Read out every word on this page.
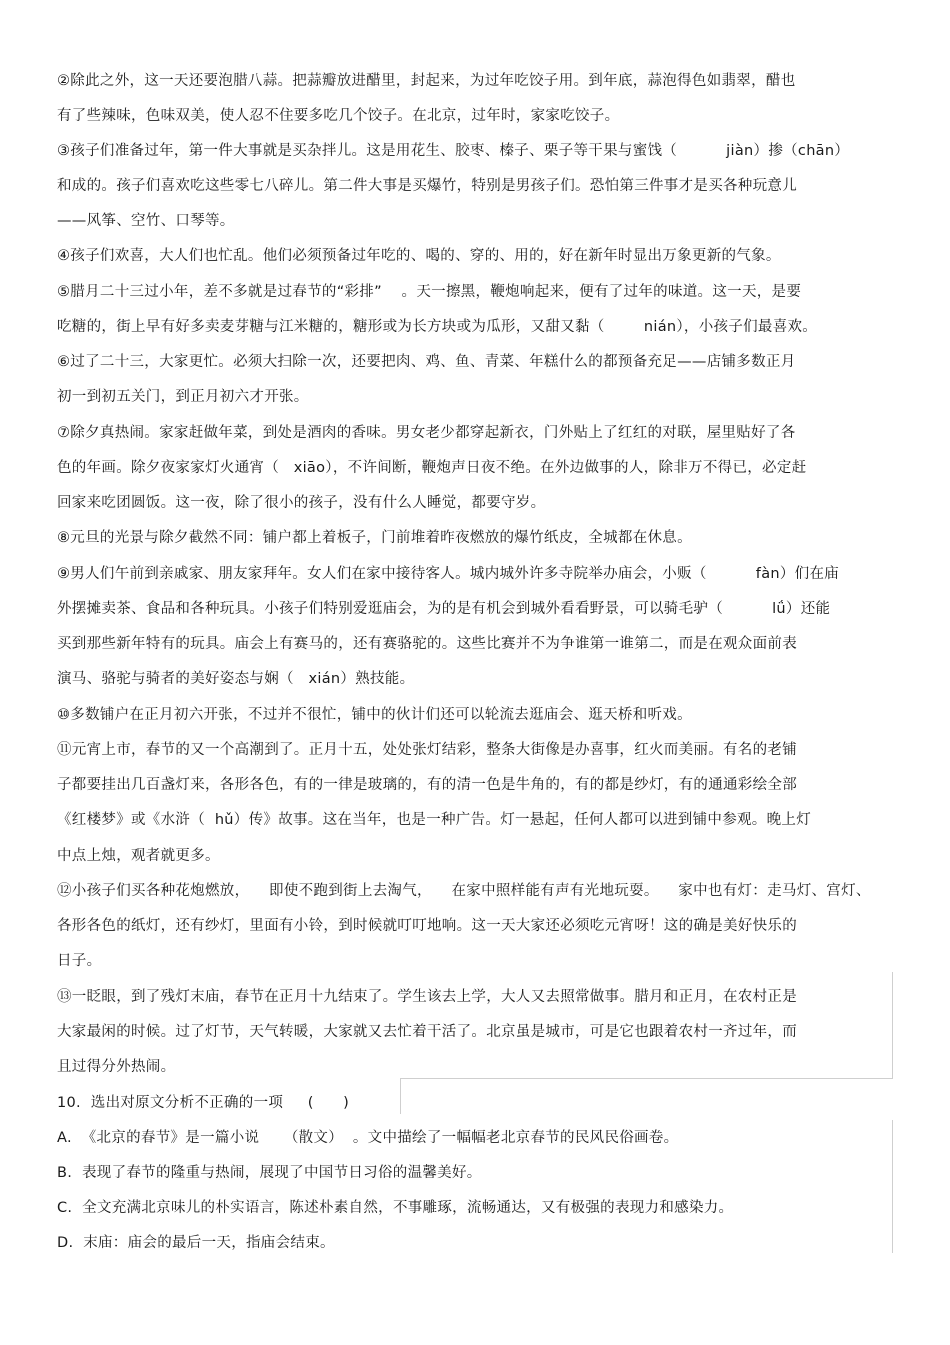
②除此之外，这一天还要泡腊八蒜。把蒜瓣放进醋里，封起来，为过年吃饺子用。到年底，蒜泡得色如翡翠，醋也
有了些辣味，色味双美，使人忍不住要多吃几个饺子。在北京，过年时，家家吃饺子。
③孩子们准备过年，第一件大事就是买杂拌儿。这是用花生、胶枣、榛子、栗子等干果与蜜饯（          jiàn）掺（chān）
和成的。孩子们喜欢吃这些零七八碎儿。第二件大事是买爆竹，特别是男孩子们。恐怕第三件事才是买各种玩意儿
——风筝、空竹、口琴等。
④孩子们欢喜，大人们也忙乱。他们必须预备过年吃的、喝的、穿的、用的，好在新年时显出万象更新的气象。
⑤腊月二十三过小年，差不多就是过春节的“彩排”    。天一擦黑，鞭炮响起来，便有了过年的味道。这一天，是要
吃糖的，街上早有好多卖麦芽糖与江米糖的，糖形或为长方块或为瓜形，又甜又黏（        nián），小孩子们最喜欢。
⑥过了二十三，大家更忙。必须大扫除一次，还要把肉、鸡、鱼、青菜、年糕什么的都预备充足——店铺多数正月
初一到初五关门，到正月初六才开张。
⑦除夕真热闹。家家赶做年菜，到处是酒肉的香味。男女老少都穿起新衣，门外贴上了红红的对联，屋里贴好了各
色的年画。除夕夜家家灯火通宵（   xiāo），不许间断，鞭炮声日夜不绝。在外边做事的人，除非万不得已，必定赶
回家来吃团圆饭。这一夜，除了很小的孩子，没有什么人睡觉，都要守岁。
⑧元旦的光景与除夕截然不同：铺户都上着板子，门前堆着昨夜燃放的爆竹纸皮，全城都在休息。
⑨男人们午前到亲戚家、朋友家拜年。女人们在家中接待客人。城内城外许多寺院举办庙会，小贩（          fàn）们在庙
外摆摊卖茶、食品和各种玩具。小孩子们特别爱逛庙会，为的是有机会到城外看看野景，可以骑毛驴（          lǘ）还能
买到那些新年特有的玩具。庙会上有赛马的，还有赛骆驼的。这些比赛并不为争谁第一谁第二，而是在观众面前表
演马、骆驼与骑者的美好姿态与娴（   xián）熟技能。
⑩多数铺户在正月初六开张，不过并不很忙，铺中的伙计们还可以轮流去逛庙会、逛天桥和听戏。
⑪元宵上市，春节的又一个高潮到了。正月十五，处处张灯结彩，整条大街像是办喜事，红火而美丽。有名的老铺
子都要挂出几百盏灯来，各形各色，有的一律是玻璃的，有的清一色是牛角的，有的都是纱灯，有的通通彩绘全部
《红楼梦》或《水浒（  hǔ）传》故事。这在当年，也是一种广告。灯一悬起，任何人都可以进到铺中参观。晚上灯
中点上烛，观者就更多。
⑫小孩子们买各种花炮燃放，    即使不跑到街上去淘气，    在家中照样能有声有光地玩耍。    家中也有灯：走马灯、宫灯、
各形各色的纸灯，还有纱灯，里面有小铃，到时候就叮叮地响。这一天大家还必须吃元宵呀！这的确是美好快乐的
日子。
⑬一眨眼，到了残灯末庙，春节在正月十九结束了。学生该去上学，大人又去照常做事。腊月和正月，在农村正是
大家最闲的时候。过了灯节，天气转暖，大家就又去忙着干活了。北京虽是城市，可是它也跟着农村一齐过年，而
且过得分外热闹。
10.  选出对原文分析不正确的一项     (      )
A.  《北京的春节》是一篇小说     （散文）  。文中描绘了一幅幅老北京春节的民风民俗画卷。
B.  表现了春节的隆重与热闹，展现了中国节日习俗的温馨美好。
C.  全文充满北京味儿的朴实语言，陈述朴素自然，不事雕琢，流畅通达，又有极强的表现力和感染力。
D.  末庙：庙会的最后一天，指庙会结束。
